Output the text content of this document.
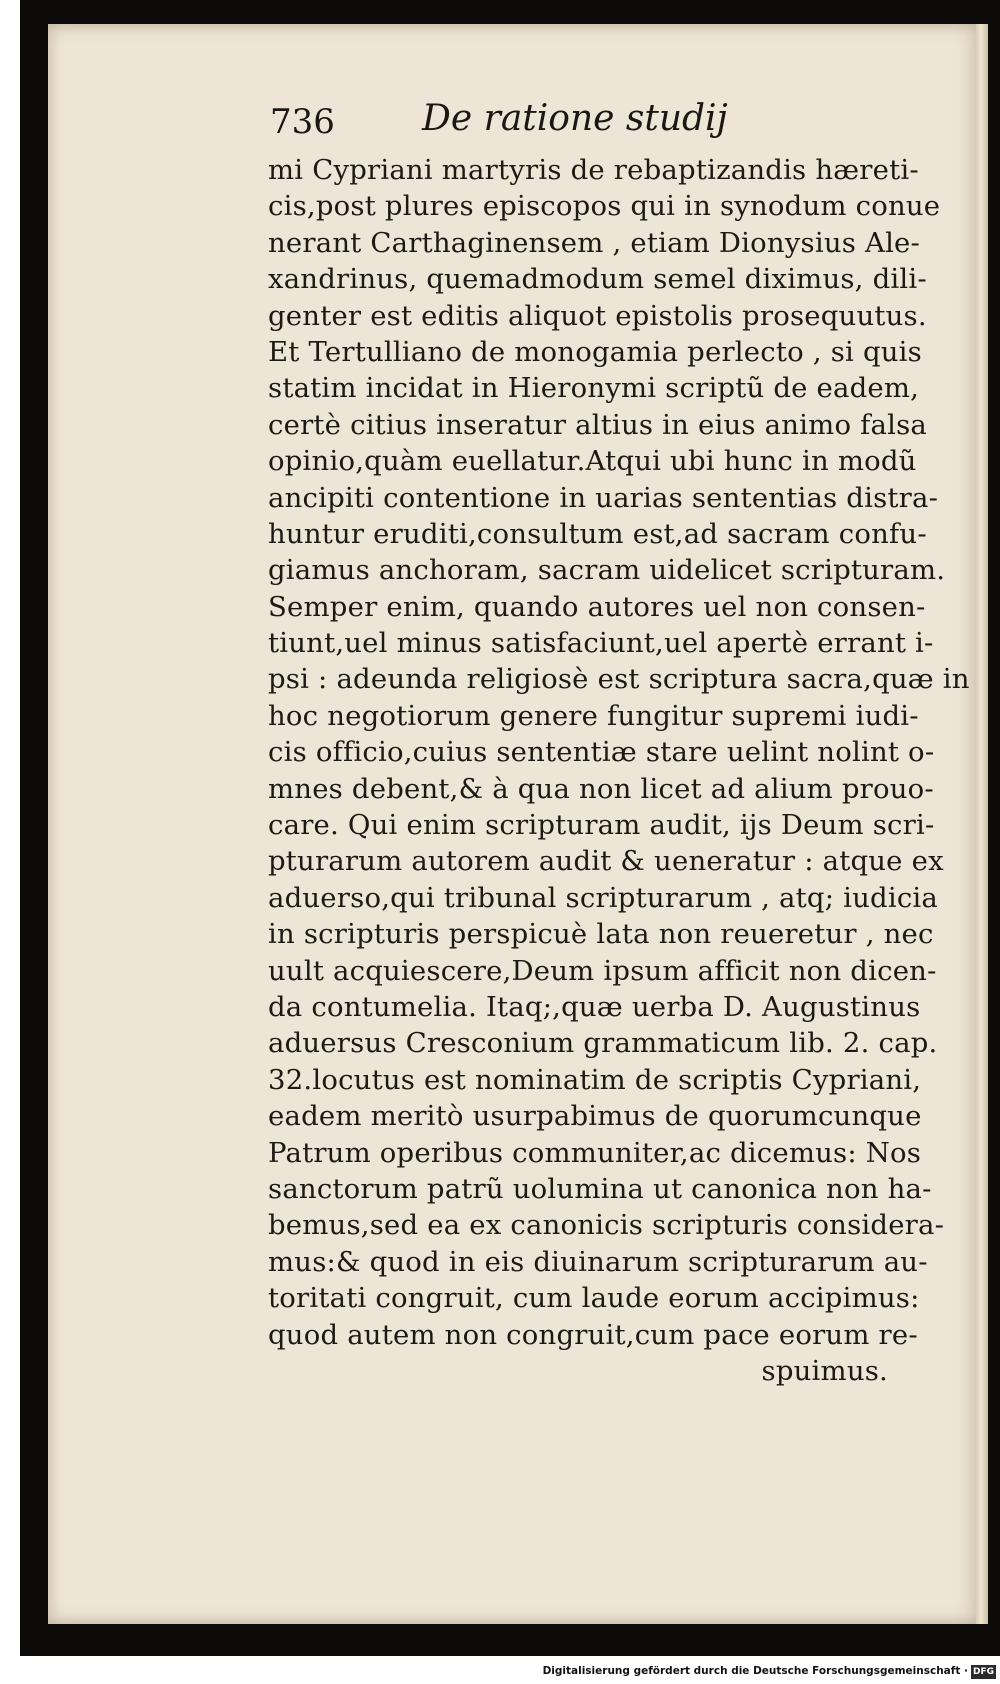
736 De ratione studij
mi Cypriani martyris de rebaptizandis hæreti-
cis,post plures episcopos qui in synodum conue
nerant Carthaginensem , etiam Dionysius Ale-
xandrinus, quemadmodum semel diximus, dili-
genter est editis aliquot epistolis prosequutus.
Et Tertulliano de monogamia perlecto , si quis
statim incidat in Hieronymi scriptũ de eadem,
certè citius inseratur altius in eius animo falsa
opinio,quàm euellatur.Atqui ubi hunc in modũ
ancipiti contentione in uarias sententias distra-
huntur eruditi,consultum est,ad sacram confu-
giamus anchoram, sacram uidelicet scripturam.
Semper enim, quando autores uel non consen-
tiunt,uel minus satisfaciunt,uel apertè errant i-
psi : adeunda religiosè est scriptura sacra,quæ in
hoc negotiorum genere fungitur supremi iudi-
cis officio,cuius sententiæ stare uelint nolint o-
mnes debent,& à qua non licet ad alium prouo-
care. Qui enim scripturam audit, ijs Deum scri-
pturarum autorem audit & ueneratur : atque ex
aduerso,qui tribunal scripturarum , atq; iudicia
in scripturis perspicuè lata non reueretur , nec
uult acquiescere,Deum ipsum afficit non dicen-
da contumelia. Itaq;,quæ uerba D. Augustinus
aduersus Cresconium grammaticum lib. 2. cap.
32.locutus est nominatim de scriptis Cypriani,
eadem meritò usurpabimus de quorumcunque
Patrum operibus communiter,ac dicemus: Nos
sanctorum patrũ uolumina ut canonica non ha-
bemus,sed ea ex canonicis scripturis considera-
mus:& quod in eis diuinarum scripturarum au-
toritati congruit, cum laude eorum accipimus:
quod autem non congruit,cum pace eorum re-
spuimus.
Digitalisierung gefördert durch die Deutsche Forschungsgemeinschaft · DFG
